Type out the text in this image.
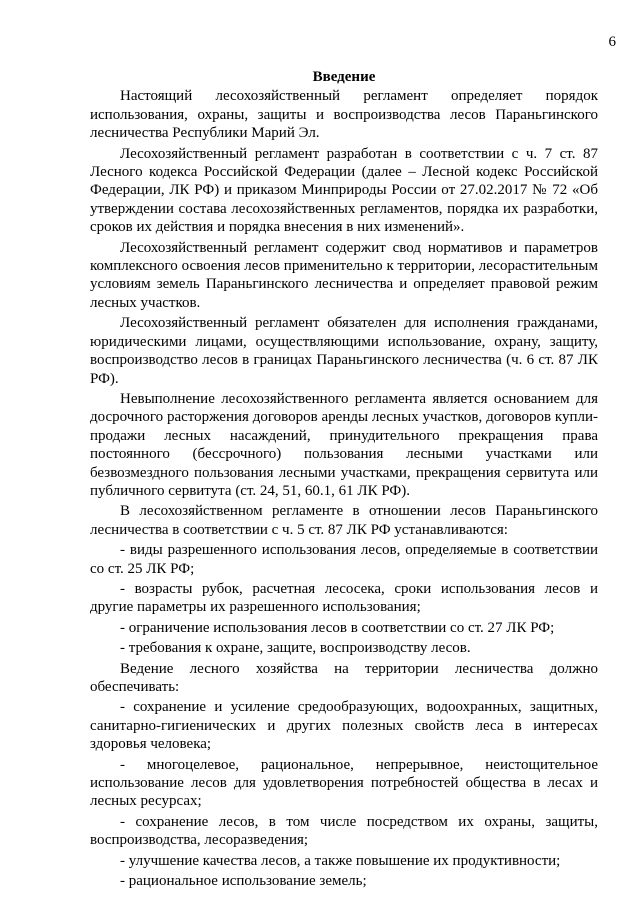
6
Введение

Настоящий лесохозяйственный регламент определяет порядок использования, охраны, защиты и воспроизводства лесов Параньгинского лесничества Республики Марий Эл.

Лесохозяйственный регламент разработан в соответствии с ч. 7 ст. 87 Лесного кодекса Российской Федерации (далее – Лесной кодекс Российской Федерации, ЛК РФ) и приказом Минприроды России от 27.02.2017 № 72 «Об утверждении состава лесохозяйственных регламентов, порядка их разработки, сроков их действия и порядка внесения в них изменений».

Лесохозяйственный регламент содержит свод нормативов и параметров комплексного освоения лесов применительно к территории, лесорастительным условиям земель Параньгинского лесничества и определяет правовой режим лесных участков.

Лесохозяйственный регламент обязателен для исполнения гражданами, юридическими лицами, осуществляющими использование, охрану, защиту, воспроизводство лесов в границах Параньгинского лесничества (ч. 6 ст. 87 ЛК РФ).

Невыполнение лесохозяйственного регламента является основанием для досрочного расторжения договоров аренды лесных участков, договоров купли-продажи лесных насаждений, принудительного прекращения права постоянного (бессрочного) пользования лесными участками или безвозмездного пользования лесными участками, прекращения сервитута или публичного сервитута (ст. 24, 51, 60.1, 61 ЛК РФ).

В лесохозяйственном регламенте в отношении лесов Параньгинского лесничества в соответствии с ч. 5 ст. 87 ЛК РФ устанавливаются:

- виды разрешенного использования лесов, определяемые в соответствии со ст. 25 ЛК РФ;

- возрасты рубок, расчетная лесосека, сроки использования лесов и другие параметры их разрешенного использования;

- ограничение использования лесов в соответствии со ст. 27 ЛК РФ;

- требования к охране, защите, воспроизводству лесов.

Ведение лесного хозяйства на территории лесничества должно обеспечивать:

- сохранение и усиление средообразующих, водоохранных, защитных, санитарно-гигиенических и других полезных свойств леса в интересах здоровья человека;

- многоцелевое, рациональное, непрерывное, неистощительное использование лесов для удовлетворения потребностей общества в лесах и лесных ресурсах;

- сохранение лесов, в том числе посредством их охраны, защиты, воспроизводства, лесоразведения;

- улучшение качества лесов, а также повышение их продуктивности;

- рациональное использование земель;
